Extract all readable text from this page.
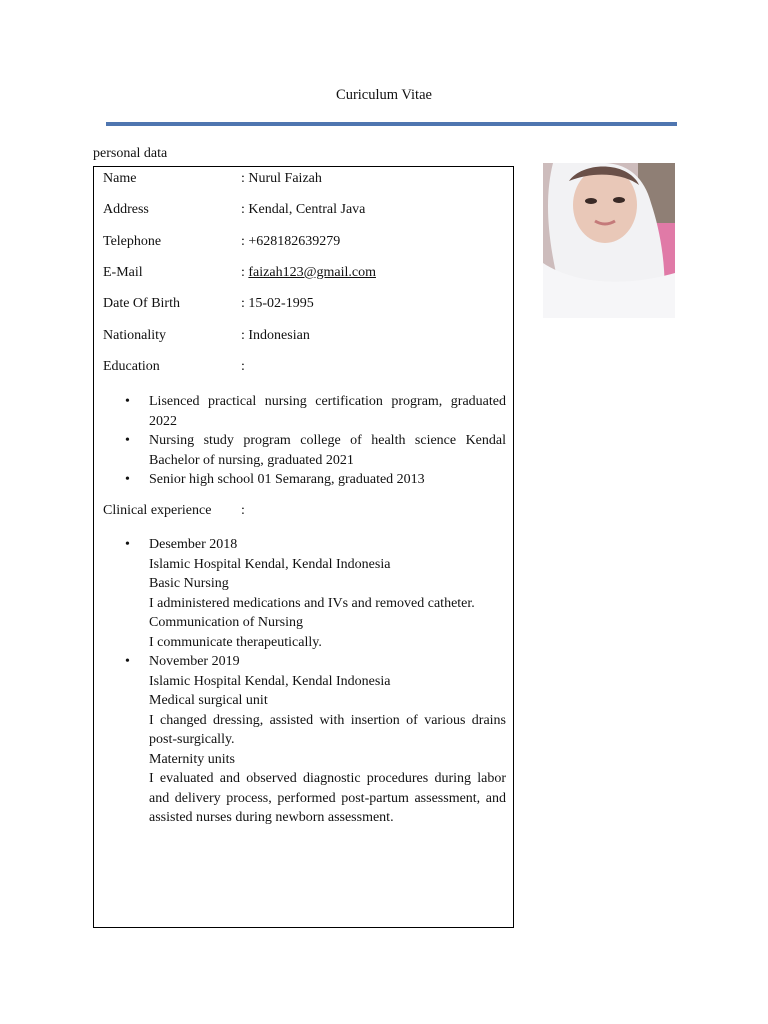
Curiculum Vitae
personal data
Name	: Nurul Faizah
Address	: Kendal, Central Java
Telephone	: +628182639279
E-Mail	: faizah123@gmail.com
Date Of Birth	: 15-02-1995
Nationality	: Indonesian
Education	:
• Lisenced practical nursing certification program, graduated 2022
• Nursing study program college of health science Kendal Bachelor of nursing, graduated 2021
• Senior high school 01 Semarang, graduated 2013
Clinical experience :
• Desember 2018
Islamic Hospital Kendal, Kendal Indonesia
Basic Nursing
I administered medications and IVs and removed catheter.
Communication of Nursing
I communicate therapeutically.
• November 2019
Islamic Hospital Kendal, Kendal Indonesia
Medical surgical unit
I changed dressing, assisted with insertion of various drains post-surgically.
Maternity units
I evaluated and observed diagnostic procedures during labor and delivery process, performed post-partum assessment, and assisted nurses during newborn assessment.
